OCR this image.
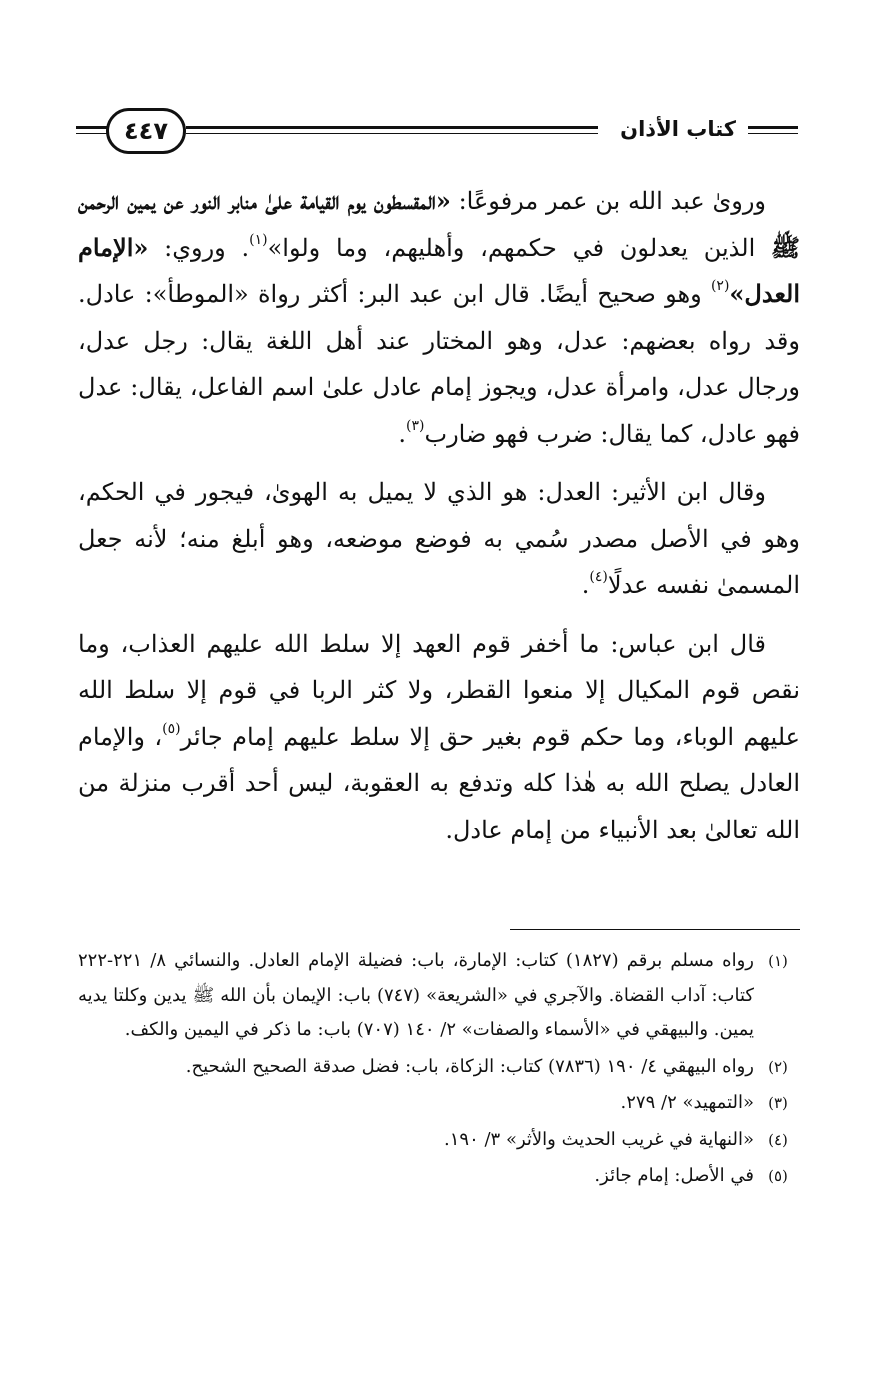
كتاب الأذان
٤٤٧

ورویٰ عبد الله بن عمر مرفوعًا: «المقسطون یوم القیامة علىٰ منابر النور عن یمین الرحمن ﷺ الذین یعدلون في حکمهم، وأهلیهم، وما ولوا»$^{(١)}$. وروي: «الإمام العدل»$^{(٢)}$ وهو صحیح أیضًا. قال ابن عبد البر: أکثر رواة «الموطأ»: عادل. وقد رواه بعضهم: عدل، وهو المختار عند أهل اللغة یقال: رجل عدل، ورجال عدل، وامرأة عدل، ویجوز إمام عادل علىٰ اسم الفاعل، یقال: عدل فهو عادل، کما یقال: ضرب فهو ضارب$^{(٣)}$.

وقال ابن الأثیر: العدل: هو الذي لا یمیل به الهوىٰ، فیجور في الحکم، وهو في الأصل مصدر سُمي به فوضع موضعه، وهو أبلغ منه؛ لأنه جعل المسمىٰ نفسه عدلًا$^{(٤)}$.

قال ابن عباس: ما أخفر قوم العهد إلا سلط الله علیهم العذاب، وما نقص قوم المکیال إلا منعوا القطر، ولا کثر الربا في قوم إلا سلط الله علیهم الوباء، وما حکم قوم بغیر حق إلا سلط علیهم إمام جائر$^{(٥)}$، والإمام العادل یصلح الله به هٰذا کله وتدفع به العقوبة، لیس أحد أقرب منزلة من الله تعالىٰ بعد الأنبیاء من إمام عادل.

(١)
رواه مسلم برقم (١٨٢٧) کتاب: الإمارة، باب: فضیلة الإمام العادل. والنسائي ٨/ ٢٢١-٢٢٢ کتاب: آداب القضاة. والآجري في «الشریعة» (٧٤٧) باب: الإیمان بأن الله ﷺ یدین وکلتا یدیه یمین. والبیهقي في «الأسماء والصفات» ٢/ ١٤٠ (٧٠٧) باب: ما ذکر في الیمین والکف.
(٢)
رواه البیهقي ٤/ ١٩٠ (٧٨٣٦) کتاب: الزکاة، باب: فضل صدقة الصحیح الشحیح.
(٣)
«التمهید» ٢/ ٢٧٩.
(٤)
«النهایة في غریب الحدیث والأثر» ٣/ ١٩٠.
(٥)
في الأصل: إمام جائز.
